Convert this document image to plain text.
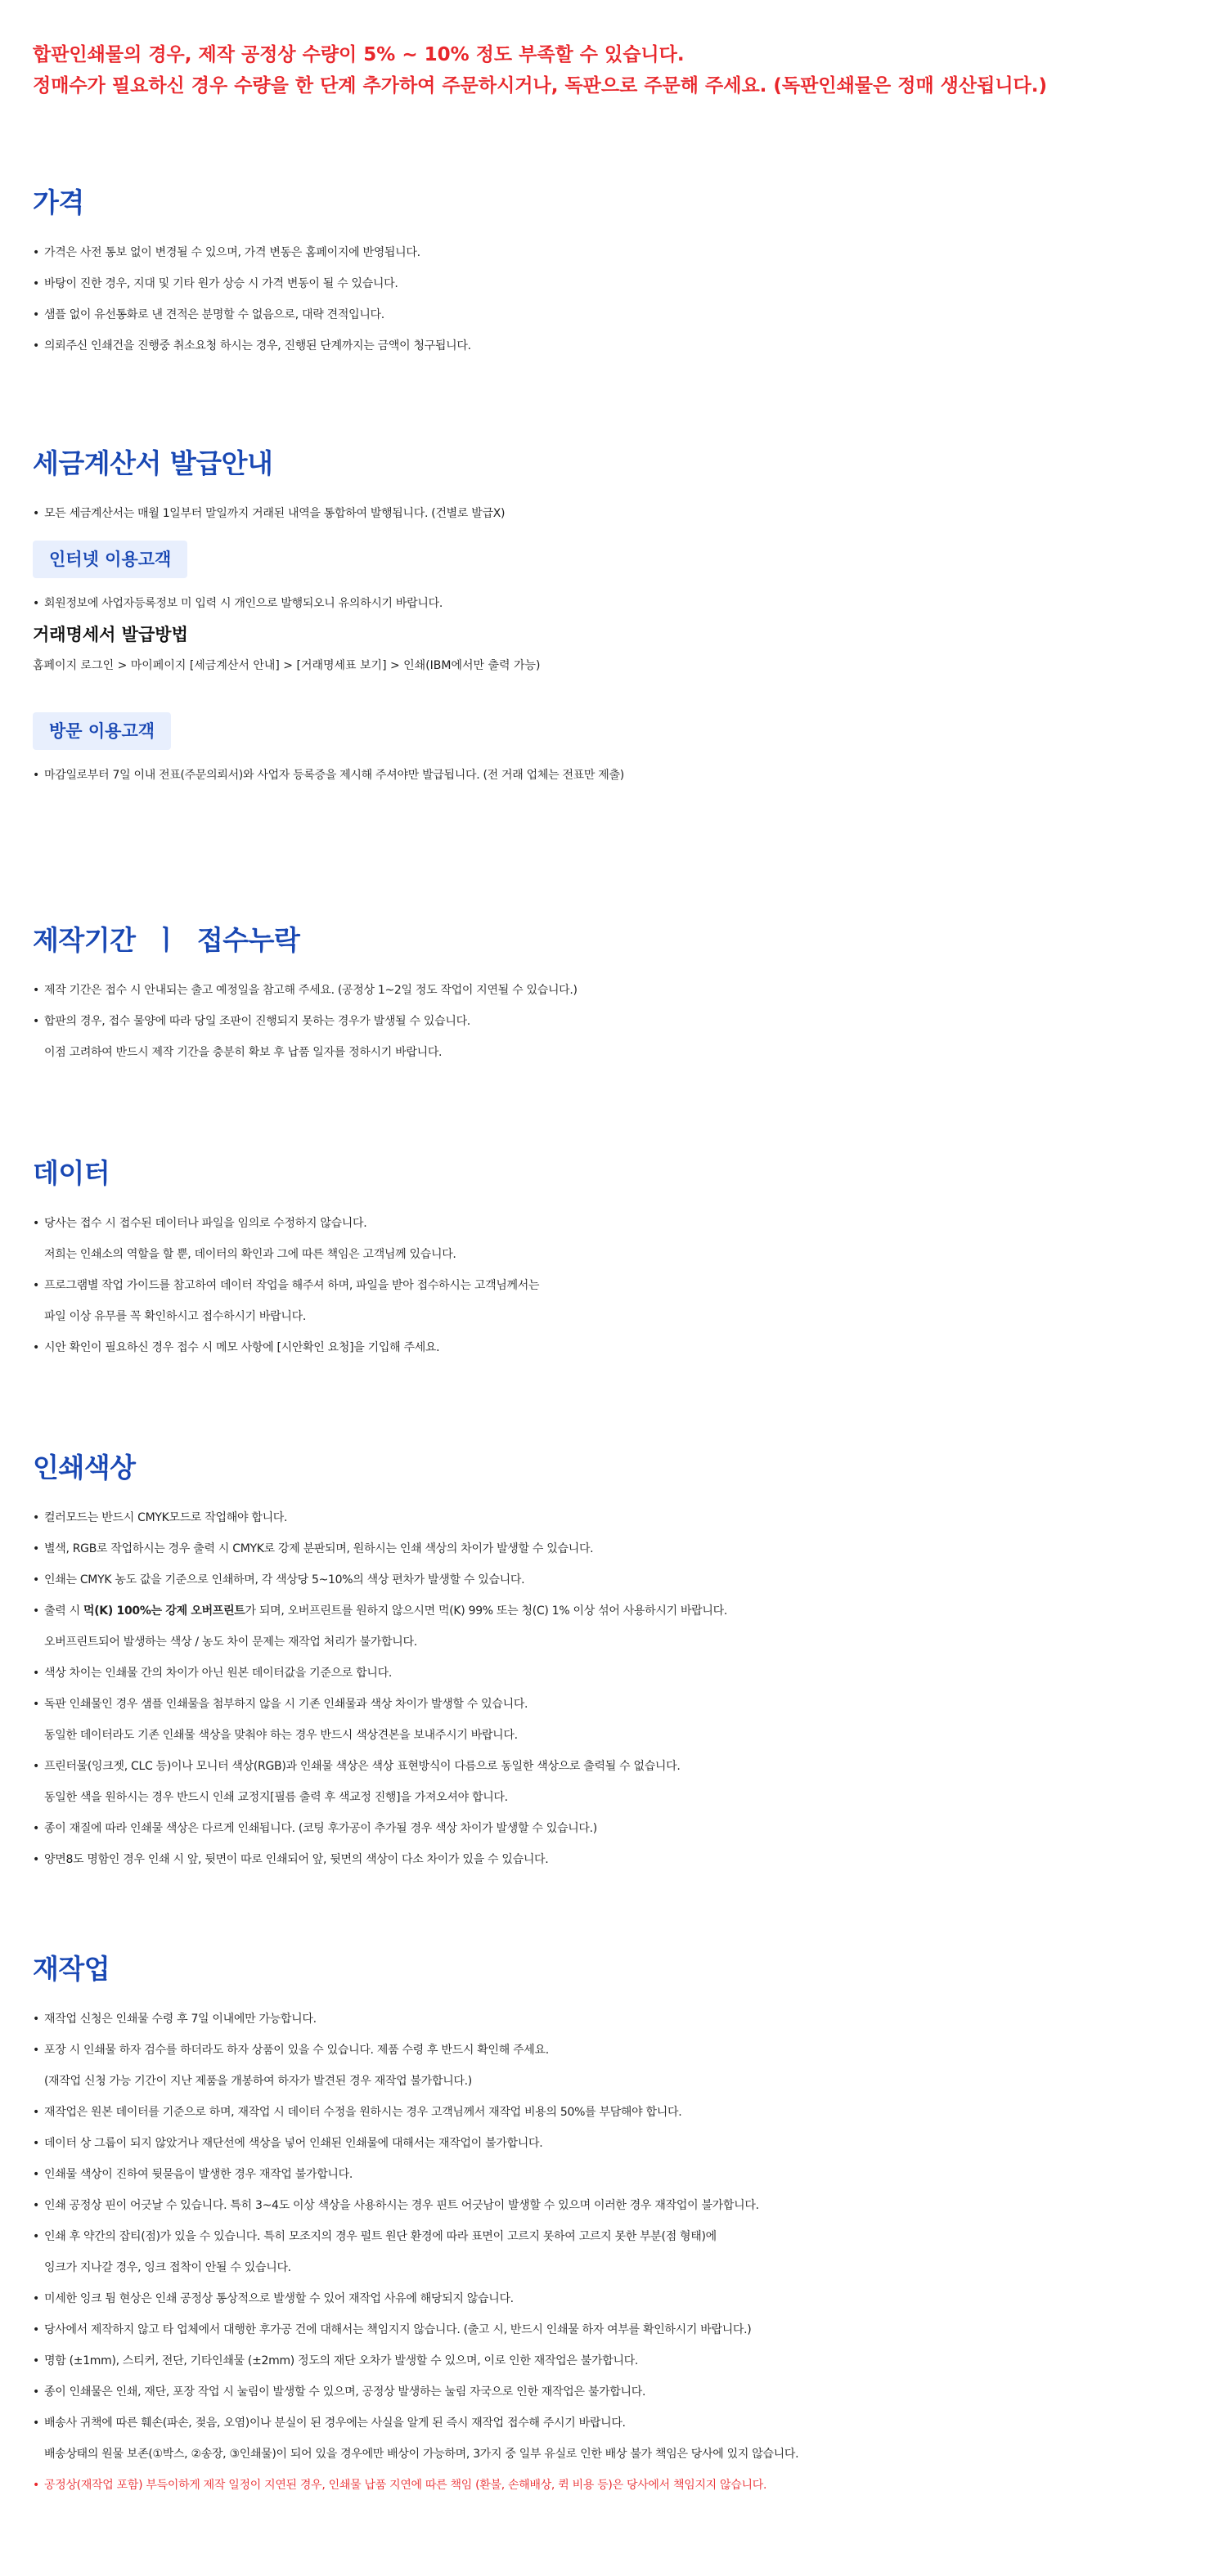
합판인쇄물의 경우, 제작 공정상 수량이 5% ~ 10% 정도 부족할 수 있습니다.
정매수가 필요하신 경우 수량을 한 단계 추가하여 주문하시거나, 독판으로 주문해 주세요. (독판인쇄물은 정매 생산됩니다.)
가격
• 가격은 사전 통보 없이 변경될 수 있으며, 가격 변동은 홈페이지에 반영됩니다.
• 바탕이 진한 경우, 지대 및 기타 원가 상승 시 가격 변동이 될 수 있습니다.
• 샘플 없이 유선통화로 낸 견적은 분명할 수 없음으로, 대략 견적입니다.
• 의뢰주신 인쇄건을 진행중 취소요청 하시는 경우, 진행된 단계까지는 금액이 청구됩니다.
세금계산서 발급안내
• 모든 세금계산서는 매월 1일부터 말일까지 거래된 내역을 통합하여 발행됩니다. (건별로 발급X)
인터넷 이용고객
• 회원정보에 사업자등록정보 미 입력 시 개인으로 발행되오니 유의하시기 바랍니다.
거래명세서 발급방법
홈페이지 로그인 > 마이페이지 [세금계산서 안내] > [거래명세표 보기] > 인쇄(IBM에서만 출력 가능)
방문 이용고객
• 마감일로부터 7일 이내 전표(주문의뢰서)와 사업자 등록증을 제시해 주셔야만 발급됩니다. (전 거래 업체는 전표만 제출)
제작기간  ㅣ  접수누락
• 제작 기간은 접수 시 안내되는 출고 예정일을 참고해 주세요. (공정상 1~2일 정도 작업이 지연될 수 있습니다.)
• 합판의 경우, 접수 물양에 따라 당일 조판이 진행되지 못하는 경우가 발생될 수 있습니다.
이점 고려하여 반드시 제작 기간을 충분히 확보 후 납품 일자를 정하시기 바랍니다.
데이터
• 당사는 접수 시 접수된 데이터나 파일을 임의로 수정하지 않습니다.
저희는 인쇄소의 역할을 할 뿐, 데이터의 확인과 그에 따른 책임은 고객님께 있습니다.
• 프로그램별 작업 가이드를 참고하여 데이터 작업을 해주셔 하며, 파일을 받아 접수하시는 고객님께서는
파일 이상 유무를 꼭 확인하시고 접수하시기 바랍니다.
• 시안 확인이 필요하신 경우 접수 시 메모 사항에 [시안확인 요청]을 기입해 주세요.
인쇄색상
• 컬러모드는 반드시 CMYK모드로 작업해야 합니다.
• 별색, RGB로 작업하시는 경우 출력 시 CMYK로 강제 분판되며, 원하시는 인쇄 색상의 차이가 발생할 수 있습니다.
• 인쇄는 CMYK 농도 값을 기준으로 인쇄하며, 각 색상당 5~10%의 색상 편차가 발생할 수 있습니다.
• 출력 시 먹(K) 100%는 강제 오버프린트가 되며, 오버프린트를 원하지 않으시면 먹(K) 99% 또는 청(C) 1% 이상 섞어 사용하시기 바랍니다.
오버프린트되어 발생하는 색상 / 농도 차이 문제는 재작업 처리가 불가합니다.
• 색상 차이는 인쇄물 간의 차이가 아닌 원본 데이터값을 기준으로 합니다.
• 독판 인쇄물인 경우 샘플 인쇄물을 첨부하지 않을 시 기존 인쇄물과 색상 차이가 발생할 수 있습니다.
동일한 데이터라도 기존 인쇄물 색상을 맞춰야 하는 경우 반드시 색상견본을 보내주시기 바랍니다.
• 프린터물(잉크젯, CLC 등)이나 모니터 색상(RGB)과 인쇄물 색상은 색상 표현방식이 다름으로 동일한 색상으로 출력될 수 없습니다.
동일한 색을 원하시는 경우 반드시 인쇄 교정지[필름 출력 후 색교정 진행]을 가져오셔야 합니다.
• 종이 재질에 따라 인쇄물 색상은 다르게 인쇄됩니다. (코팅 후가공이 추가될 경우 색상 차이가 발생할 수 있습니다.)
• 양면8도 명함인 경우 인쇄 시 앞, 뒷면이 따로 인쇄되어 앞, 뒷면의 색상이 다소 차이가 있을 수 있습니다.
재작업
• 재작업 신청은 인쇄물 수령 후 7일 이내에만 가능합니다.
• 포장 시 인쇄물 하자 검수를 하더라도 하자 상품이 있을 수 있습니다. 제품 수령 후 반드시 확인해 주세요.
(재작업 신청 가능 기간이 지난 제품을 개봉하여 하자가 발견된 경우 재작업 불가합니다.)
• 재작업은 원본 데이터를 기준으로 하며, 재작업 시 데이터 수정을 원하시는 경우 고객님께서 재작업 비용의 50%를 부담해야 합니다.
• 데이터 상 그룹이 되지 않았거나 재단선에 색상을 넣어 인쇄된 인쇄물에 대해서는 재작업이 불가합니다.
• 인쇄물 색상이 진하여 뒷묻음이 발생한 경우 재작업 불가합니다.
• 인쇄 공정상 핀이 어긋날 수 있습니다. 특히 3~4도 이상 색상을 사용하시는 경우 핀트 어긋남이 발생할 수 있으며 이러한 경우 재작업이 불가합니다.
• 인쇄 후 약간의 잡티(점)가 있을 수 있습니다. 특히 모조지의 경우 펄트 원단 환경에 따라 표면이 고르지 못하여 고르지 못한 부분(점 형태)에
잉크가 지나갈 경우, 잉크 접착이 안될 수 있습니다.
• 미세한 잉크 튐 현상은 인쇄 공정상 통상적으로 발생할 수 있어 재작업 사유에 해당되지 않습니다.
• 당사에서 제작하지 않고 타 업체에서 대행한 후가공 건에 대해서는 책임지지 않습니다. (출고 시, 반드시 인쇄물 하자 여부를 확인하시기 바랍니다.)
• 명함 (±1mm), 스티커, 전단, 기타인쇄물 (±2mm) 정도의 재단 오차가 발생할 수 있으며, 이로 인한 재작업은 불가합니다.
• 종이 인쇄물은 인쇄, 재단, 포장 작업 시 눌림이 발생할 수 있으며, 공정상 발생하는 눌림 자국으로 인한 재작업은 불가합니다.
• 배송사 귀책에 따른 훼손(파손, 젖음, 오염)이나 분실이 된 경우에는 사실을 알게 된 즉시 재작업 접수해 주시기 바랍니다.
배송상태의 원물 보존(①박스, ②송장, ③인쇄물)이 되어 있을 경우에만 배상이 가능하며, 3가지 중 일부 유실로 인한 배상 불가 책임은 당사에 있지 않습니다.
• 공정상(재작업 포함) 부득이하게 제작 일정이 지연된 경우, 인쇄물 납품 지연에 따른 책임 (환불, 손해배상, 퀵 비용 등)은 당사에서 책임지지 않습니다.
